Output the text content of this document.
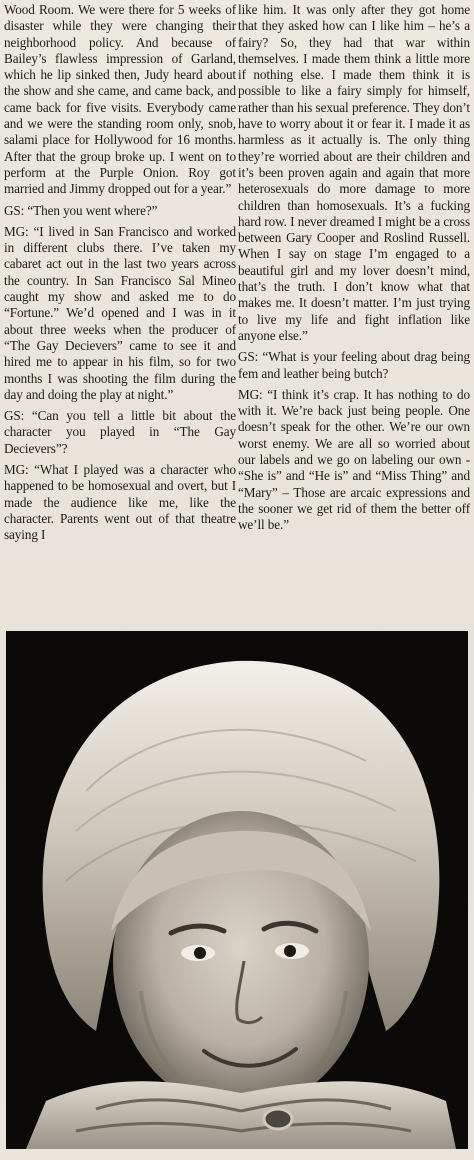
Wood Room. We were there for 5 weeks of disaster while they were changing their neighborhood policy. And because of Bailey’s flawless impression of Garland, which he lip sinked then, Judy heard about the show and she came, and came back, and came back for five visits. Everybody came and we were the standing room only, snob, salami place for Hollywood for 16 months. After that the group broke up. I went on to perform at the Purple Onion. Roy got married and Jimmy dropped out for a year.”

GS: “Then you went where?”

MG: “I lived in San Francisco and worked in different clubs there. I’ve taken my cabaret act out in the last two years across the country. In San Francisco Sal Mineo caught my show and asked me to do “Fortune.” We’d opened and I was in it about three weeks when the producer of “The Gay Decievers” came to see it and hired me to appear in his film, so for two months I was shooting the film during the day and doing the play at night.”

GS: “Can you tell a little bit about the character you played in “The Gay Decievers”?

MG: “What I played was a character who happened to be homosexual and overt, but I made the audience like me, like the character. Parents went out of that theatre saying I

like him. It was only after they got home that they asked how can I like him – he’s a fairy? So, they had that war within themselves. I made them think a little more if nothing else. I made them think it is possible to like a fairy simply for himself, rather than his sexual preference. They don’t have to worry about it or fear it. I made it as harmless as it actually is. The only thing they’re worried about are their children and it’s been proven again and again that more heterosexuals do more damage to more children than homosexuals. It’s a fucking hard row. I never dreamed I might be a cross between Gary Cooper and Roslind Russell. When I say on stage I’m engaged to a beautiful girl and my lover doesn’t mind, that’s the truth. I don’t know what that makes me. It doesn’t matter. I’m just trying to live my life and fight inflation like anyone else.”

GS: “What is your feeling about drag being fem and leather being butch?

MG: “I think it’s crap. It has nothing to do with it. We’re back just being people. One doesn’t speak for the other. We’re our own worst enemy. We are all so worried about our labels and we go on labeling our own - “She is” and “He is” and “Miss Thing” and “Mary” – Those are arcaic expressions and the sooner we get rid of them the better off we’ll be.”
